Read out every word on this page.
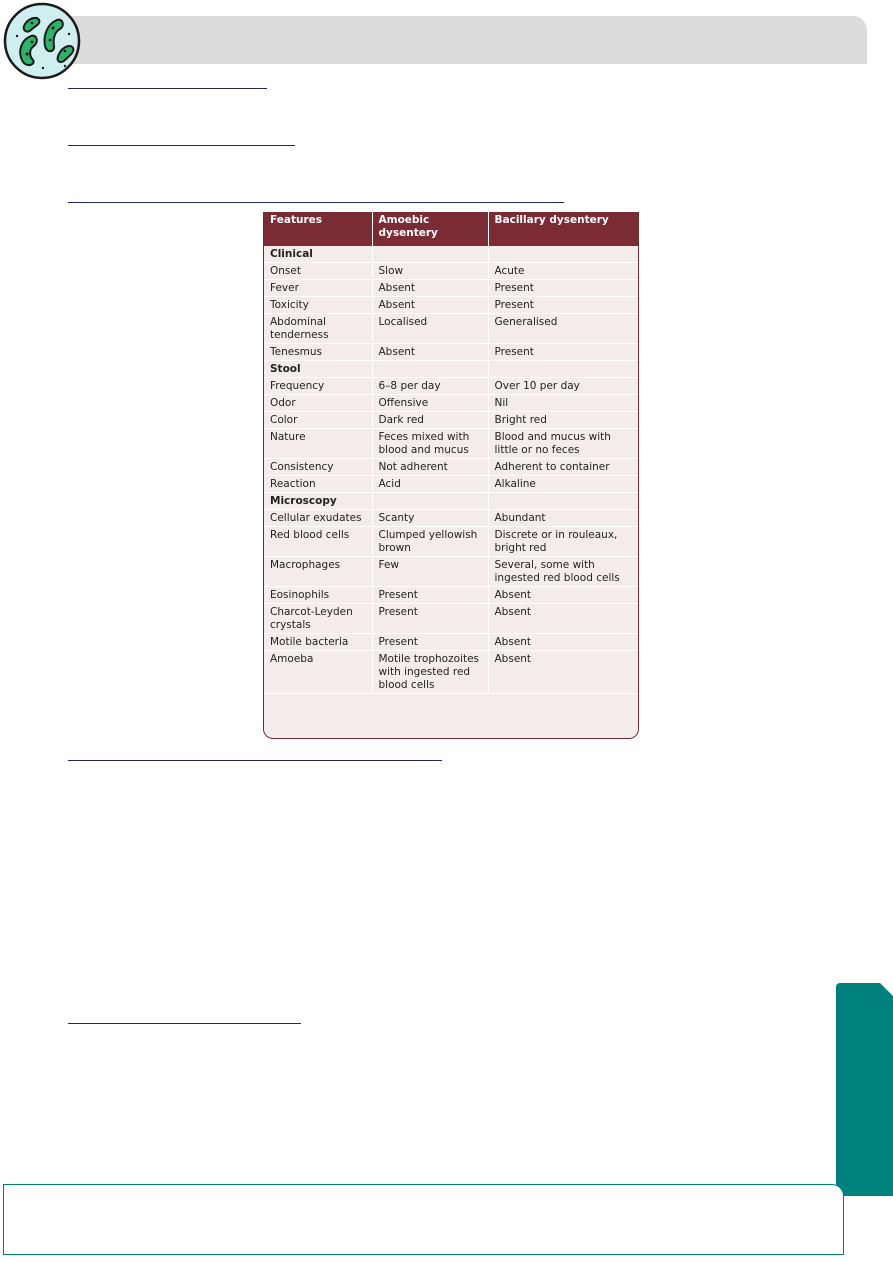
Features	Amoebic dysentery	Bacillary dysentery
Clinical		
Onset	Slow	Acute
Fever	Absent	Present
Toxicity	Absent	Present
Abdominal tenderness	Localised	Generalised
Tenesmus	Absent	Present
Stool		
Frequency	6–8 per day	Over 10 per day
Odor	Offensive	Nil
Color	Dark red	Bright red
Nature	Feces mixed with blood and mucus	Blood and mucus with little or no feces
Consistency	Not adherent	Adherent to container
Reaction	Acid	Alkaline
Microscopy		
Cellular exudates	Scanty	Abundant
Red blood cells	Clumped yellowish brown	Discrete or in rouleaux, bright red
Macrophages	Few	Several, some with ingested red blood cells
Eosinophils	Present	Absent
Charcot-Leyden crystals	Present	Absent
Motile bacteria	Present	Absent
Amoeba	Motile trophozoites with ingested red blood cells	Absent
